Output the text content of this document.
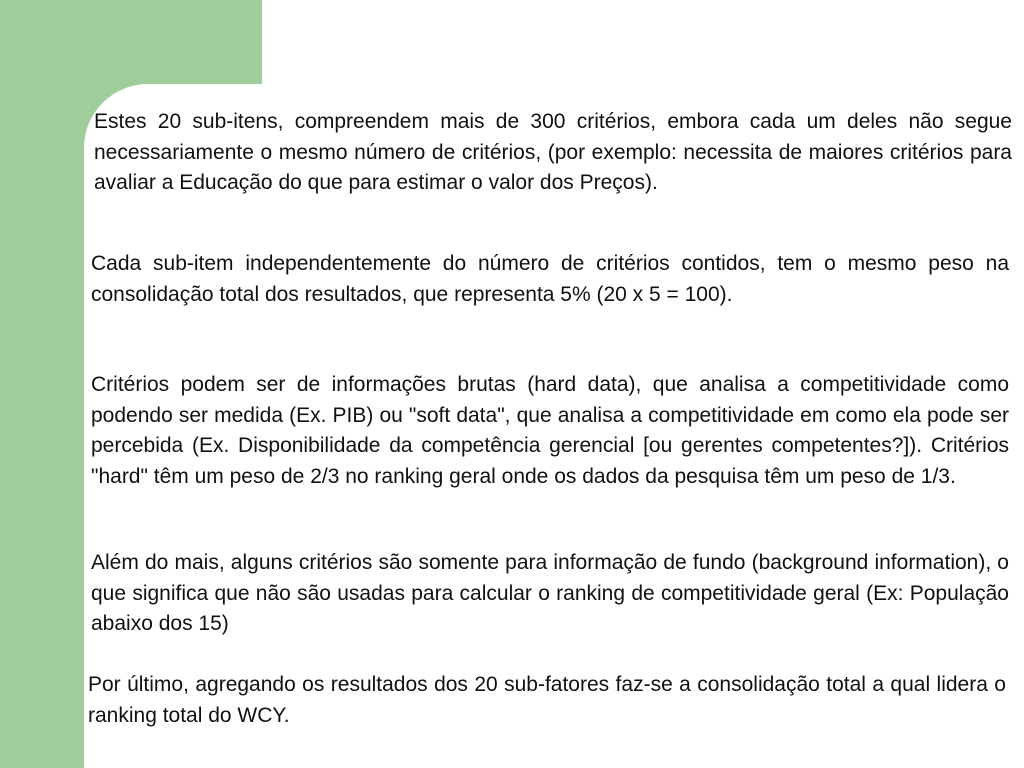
Estes 20 sub-itens, compreendem mais de 300 critérios, embora cada um deles não segue necessariamente o mesmo número de critérios, (por exemplo: necessita de maiores critérios para avaliar a Educação do que para estimar o valor dos Preços).

Cada sub-item independentemente do número de critérios contidos, tem o mesmo peso na consolidação total dos resultados, que representa 5% (20 x 5 = 100).

Critérios podem ser de informações brutas (hard data), que analisa a competitividade como podendo ser medida (Ex. PIB) ou "soft data", que analisa a competitividade em como ela pode ser percebida (Ex. Disponibilidade da competência gerencial [ou gerentes competentes?]). Critérios "hard" têm um peso de 2/3 no ranking geral onde os dados da pesquisa têm um peso de 1/3.

Além do mais, alguns critérios são somente para informação de fundo (background information), o que significa que não são usadas para calcular o ranking de competitividade geral (Ex: População abaixo dos 15)

Por último, agregando os resultados dos 20 sub-fatores faz-se a consolidação total a qual lidera o ranking total do WCY.
